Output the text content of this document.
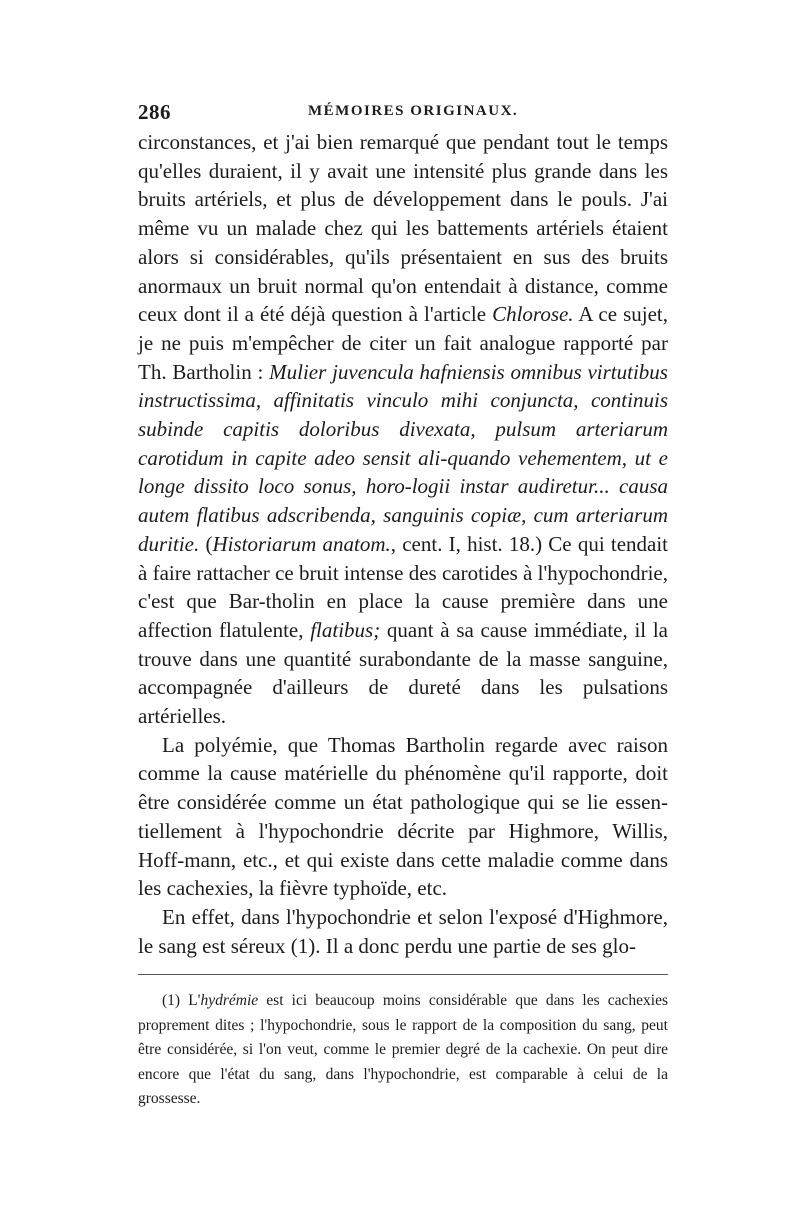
286	MÉMOIRES ORIGINAUX.

circonstances, et j'ai bien remarqué que pendant tout le temps qu'elles duraient, il y avait une intensité plus grande dans les bruits artériels, et plus de développement dans le pouls. J'ai même vu un malade chez qui les battements artériels étaient alors si considérables, qu'ils présentaient en sus des bruits anormaux un bruit normal qu'on entendait à distance, comme ceux dont il a été déjà question à l'article Chlorose. A ce sujet, je ne puis m'empêcher de citer un fait analogue rapporté par Th. Bartholin : Mulier juvencula hafniensis omnibus virtutibus instructissima, affinitatis vinculo mihi conjuncta, continuis subinde capitis doloribus divexata, pulsum arteriarum carotidum in capite adeo sensit ali-quando vehementem, ut e longe dissito loco sonus, horo-logii instar audiretur... causa autem flatibus adscribenda, sanguinis copiæ, cum arteriarum duritie. (Historiarum anatom., cent. I, hist. 18.) Ce qui tendait à faire rattacher ce bruit intense des carotides à l'hypochondrie, c'est que Bar-tholin en place la cause première dans une affection flatulente, flatibus; quant à sa cause immédiate, il la trouve dans une quantité surabondante de la masse sanguine, accompagnée d'ailleurs de dureté dans les pulsations artérielles.

La polyémie, que Thomas Bartholin regarde avec raison comme la cause matérielle du phénomène qu'il rapporte, doit être considérée comme un état pathologique qui se lie essen-tiellement à l'hypochondrie décrite par Highmore, Willis, Hoff-mann, etc., et qui existe dans cette maladie comme dans les cachexies, la fièvre typhoïde, etc.

En effet, dans l'hypochondrie et selon l'exposé d'Highmore, le sang est séreux (1). Il a donc perdu une partie de ses glo-

(1) L'hydrémie est ici beaucoup moins considérable que dans les cachexies proprement dites ; l'hypochondrie, sous le rapport de la composition du sang, peut être considérée, si l'on veut, comme le premier degré de la cachexie. On peut dire encore que l'état du sang, dans l'hypochondrie, est comparable à celui de la grossesse.
